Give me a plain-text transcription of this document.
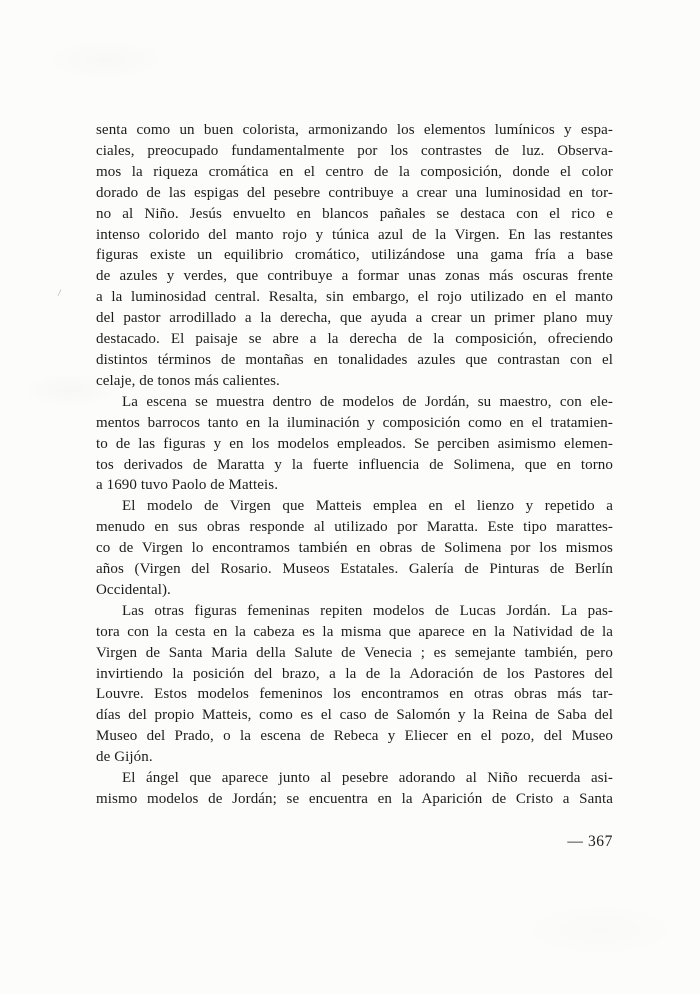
/
senta como un buen colorista, armonizando los elementos lumínicos y espa-
ciales, preocupado fundamentalmente por los contrastes de luz. Observa-
mos la riqueza cromática en el centro de la composición, donde el color
dorado de las espigas del pesebre contribuye a crear una luminosidad en tor-
no al Niño. Jesús envuelto en blancos pañales se destaca con el rico e
intenso colorido del manto rojo y túnica azul de la Virgen. En las restantes
figuras existe un equilibrio cromático, utilizándose una gama fría a base
de azules y verdes, que contribuye a formar unas zonas más oscuras frente
a la luminosidad central. Resalta, sin embargo, el rojo utilizado en el manto
del pastor arrodillado a la derecha, que ayuda a crear un primer plano muy
destacado. El paisaje se abre a la derecha de la composición, ofreciendo
distintos términos de montañas en tonalidades azules que contrastan con el
celaje, de tonos más calientes.
La escena se muestra dentro de modelos de Jordán, su maestro, con ele-
mentos barrocos tanto en la iluminación y composición como en el tratamien-
to de las figuras y en los modelos empleados. Se perciben asimismo elemen-
tos derivados de Maratta y la fuerte influencia de Solimena, que en torno
a 1690 tuvo Paolo de Matteis.
El modelo de Virgen que Matteis emplea en el lienzo y repetido a
menudo en sus obras responde al utilizado por Maratta. Este tipo marattes-
co de Virgen lo encontramos también en obras de Solimena por los mismos
años (Virgen del Rosario. Museos Estatales. Galería de Pinturas de Berlín
Occidental).
Las otras figuras femeninas repiten modelos de Lucas Jordán. La pas-
tora con la cesta en la cabeza es la misma que aparece en la Natividad de la
Virgen de Santa Maria della Salute de Venecia ; es semejante también, pero
invirtiendo la posición del brazo, a la de la Adoración de los Pastores del
Louvre. Estos modelos femeninos los encontramos en otras obras más tar-
días del propio Matteis, como es el caso de Salomón y la Reina de Saba del
Museo del Prado, o la escena de Rebeca y Eliecer en el pozo, del Museo
de Gijón.
El ángel que aparece junto al pesebre adorando al Niño recuerda asi-
mismo modelos de Jordán; se encuentra en la Aparición de Cristo a Santa
— 367
